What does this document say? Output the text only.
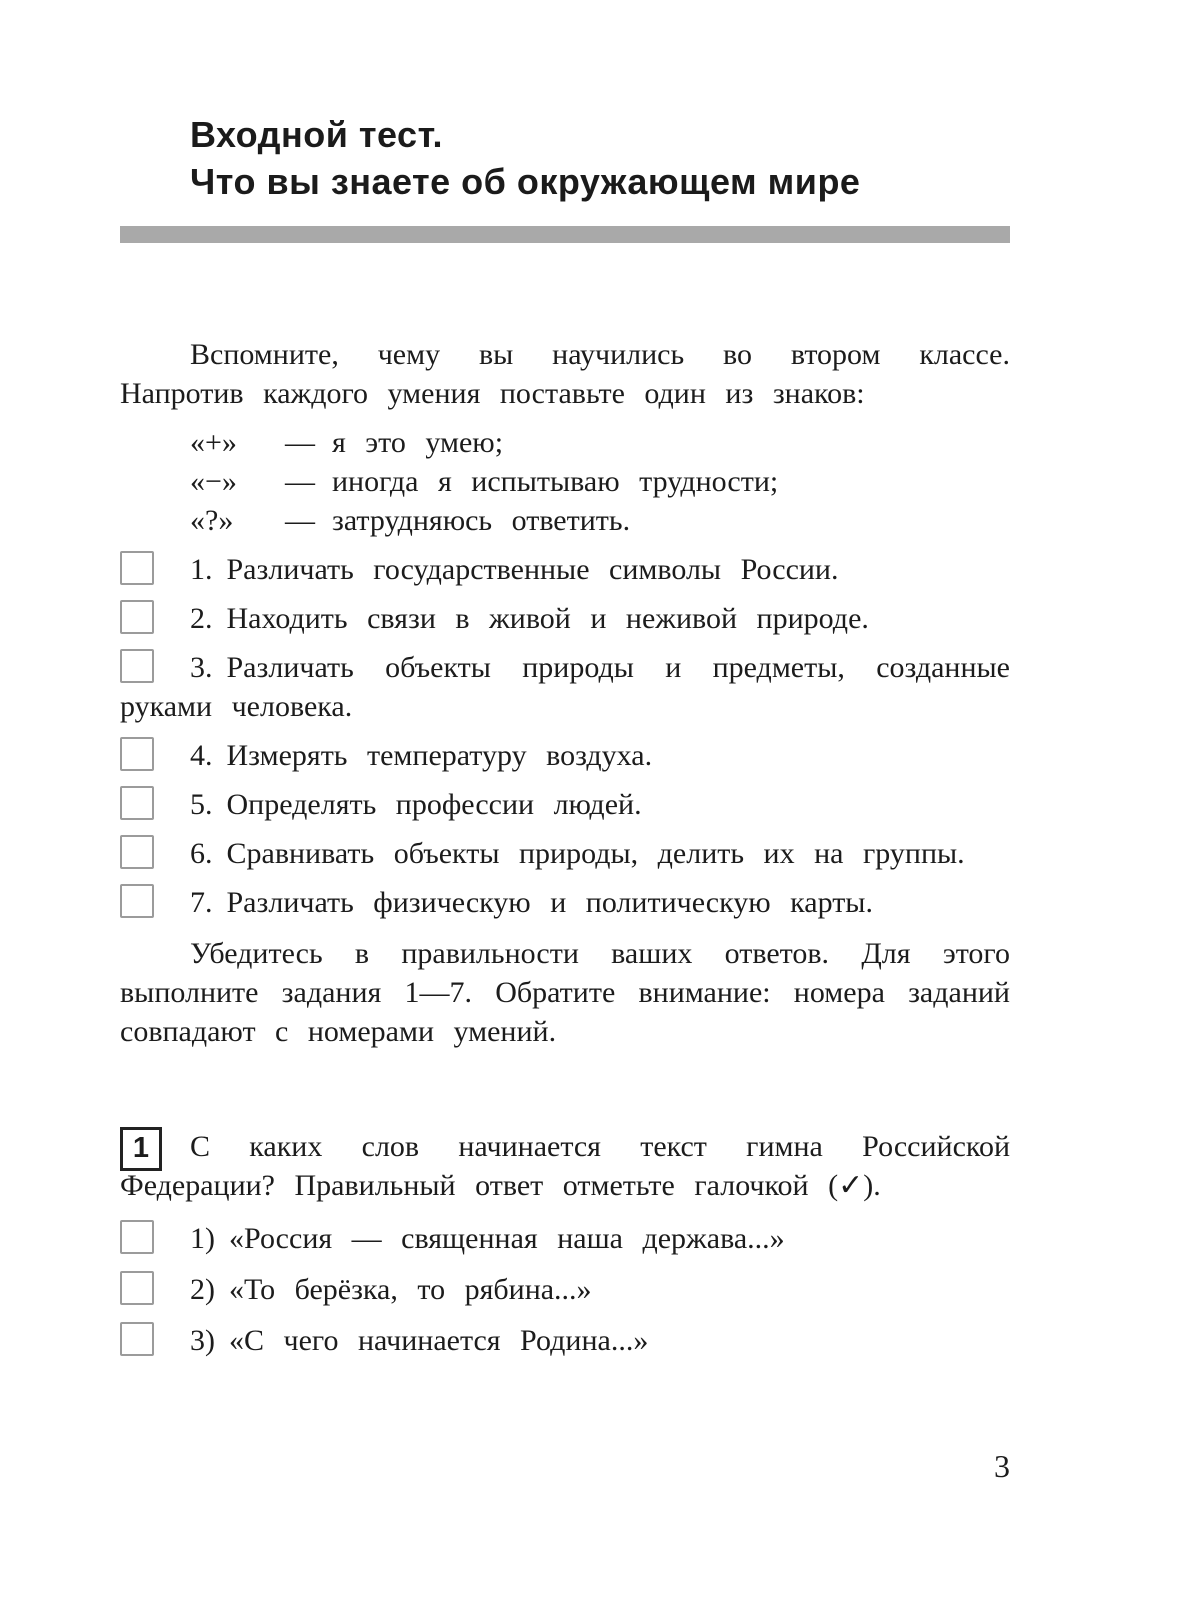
Входной тест.
Что вы знаете об окружающем мире

Вспомните, чему вы научились во втором классе. Напротив каждого умения поставьте один из знаков:

«+»	— я это умею;
«−»	— иногда я испытываю трудности;
«?»	— затрудняюсь ответить.
1. Различать государственные символы России.
2. Находить связи в живой и неживой природе.
3. Различать объекты природы и предметы, созданные руками человека.
4. Измерять температуру воздуха.
5. Определять профессии людей.
6. Сравнивать объекты природы, делить их на группы.
7. Различать физическую и политическую карты.

Убедитесь в правильности ваших ответов. Для этого выполните задания 1—7. Обратите внимание: номера заданий совпадают с номерами умений.

1	С каких слов начинается текст гимна Российской Федерации? Правильный ответ отметьте галочкой (✓).
1) «Россия — священная наша держава...»
2) «То берёзка, то рябина...»
3) «С чего начинается Родина...»
3
